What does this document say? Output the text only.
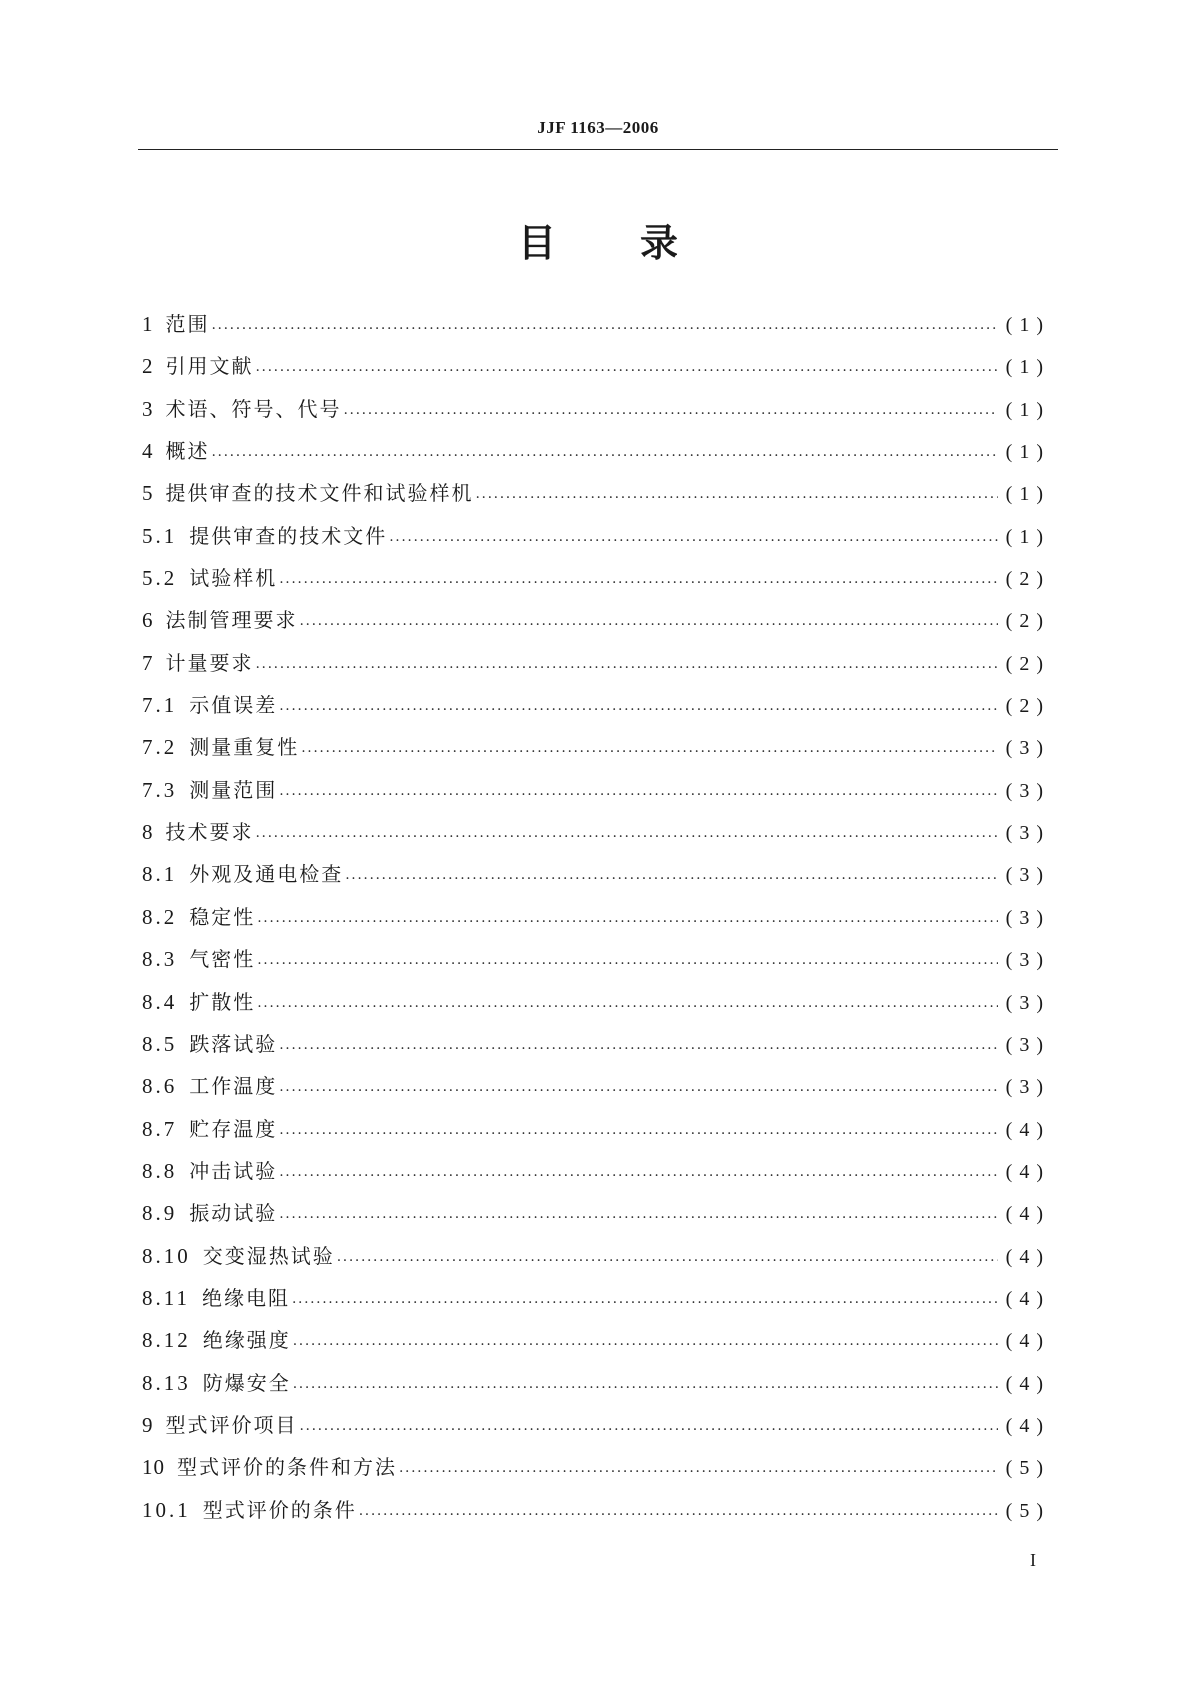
JJF 1163—2006
目 录
1 范围 ·····	(1)
2 引用文献 ·····	(1)
3 术语、符号、代号 ·····	(1)
4 概述 ·····	(1)
5 提供审查的技术文件和试验样机 ·····	(1)
5.1 提供审查的技术文件 ·····	(1)
5.2 试验样机 ·····	(2)
6 法制管理要求 ·····	(2)
7 计量要求 ·····	(2)
7.1 示值误差 ·····	(2)
7.2 测量重复性 ·····	(3)
7.3 测量范围 ·····	(3)
8 技术要求 ·····	(3)
8.1 外观及通电检查 ·····	(3)
8.2 稳定性 ·····	(3)
8.3 气密性 ·····	(3)
8.4 扩散性 ·····	(3)
8.5 跌落试验 ·····	(3)
8.6 工作温度 ·····	(3)
8.7 贮存温度 ·····	(4)
8.8 冲击试验 ·····	(4)
8.9 振动试验 ·····	(4)
8.10 交变湿热试验 ·····	(4)
8.11 绝缘电阻 ·····	(4)
8.12 绝缘强度 ·····	(4)
8.13 防爆安全 ·····	(4)
9 型式评价项目 ·····	(4)
10 型式评价的条件和方法 ·····	(5)
10.1 型式评价的条件 ·····	(5)
I
